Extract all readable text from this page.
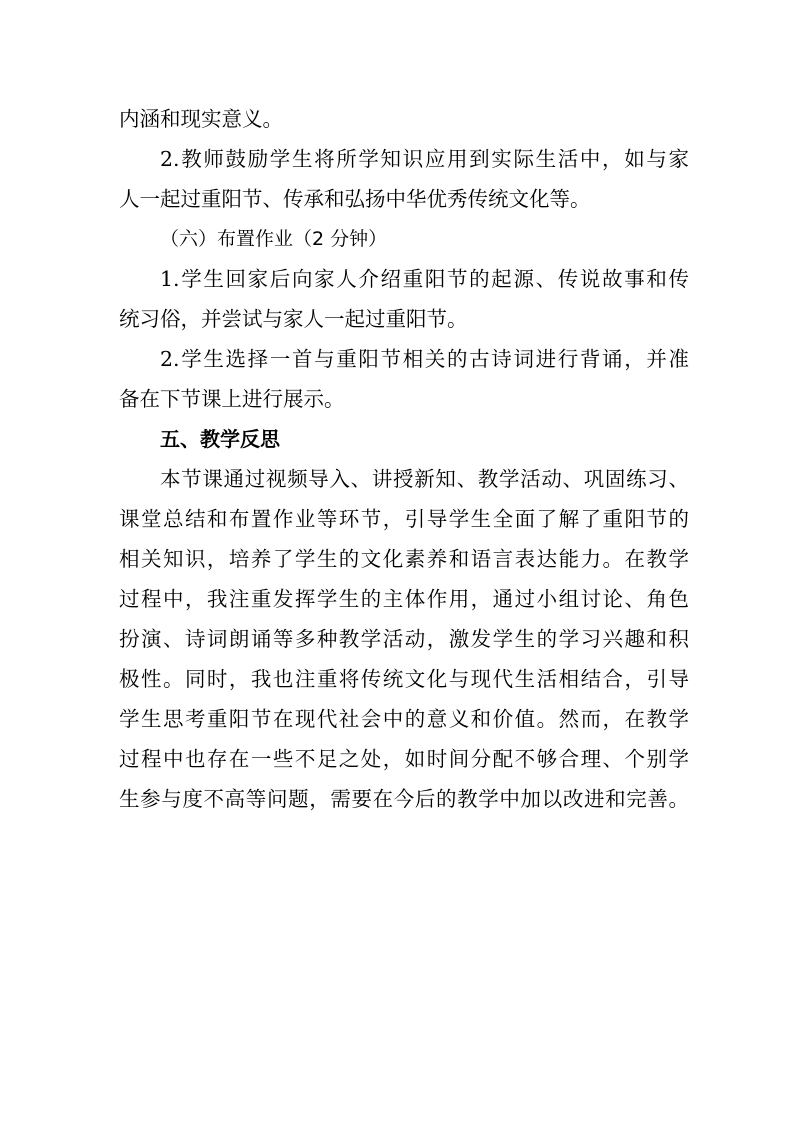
内涵和现实意义。
2.教师鼓励学生将所学知识应用到实际生活中，如与家
人一起过重阳节、传承和弘扬中华优秀传统文化等。
（六）布置作业（2 分钟）
1.学生回家后向家人介绍重阳节的起源、传说故事和传
统习俗，并尝试与家人一起过重阳节。
2.学生选择一首与重阳节相关的古诗词进行背诵，并准
备在下节课上进行展示。
五、教学反思
本节课通过视频导入、讲授新知、教学活动、巩固练习、
课堂总结和布置作业等环节，引导学生全面了解了重阳节的
相关知识，培养了学生的文化素养和语言表达能力。在教学
过程中，我注重发挥学生的主体作用，通过小组讨论、角色
扮演、诗词朗诵等多种教学活动，激发学生的学习兴趣和积
极性。同时，我也注重将传统文化与现代生活相结合，引导
学生思考重阳节在现代社会中的意义和价值。然而，在教学
过程中也存在一些不足之处，如时间分配不够合理、个别学
生参与度不高等问题，需要在今后的教学中加以改进和完善。
